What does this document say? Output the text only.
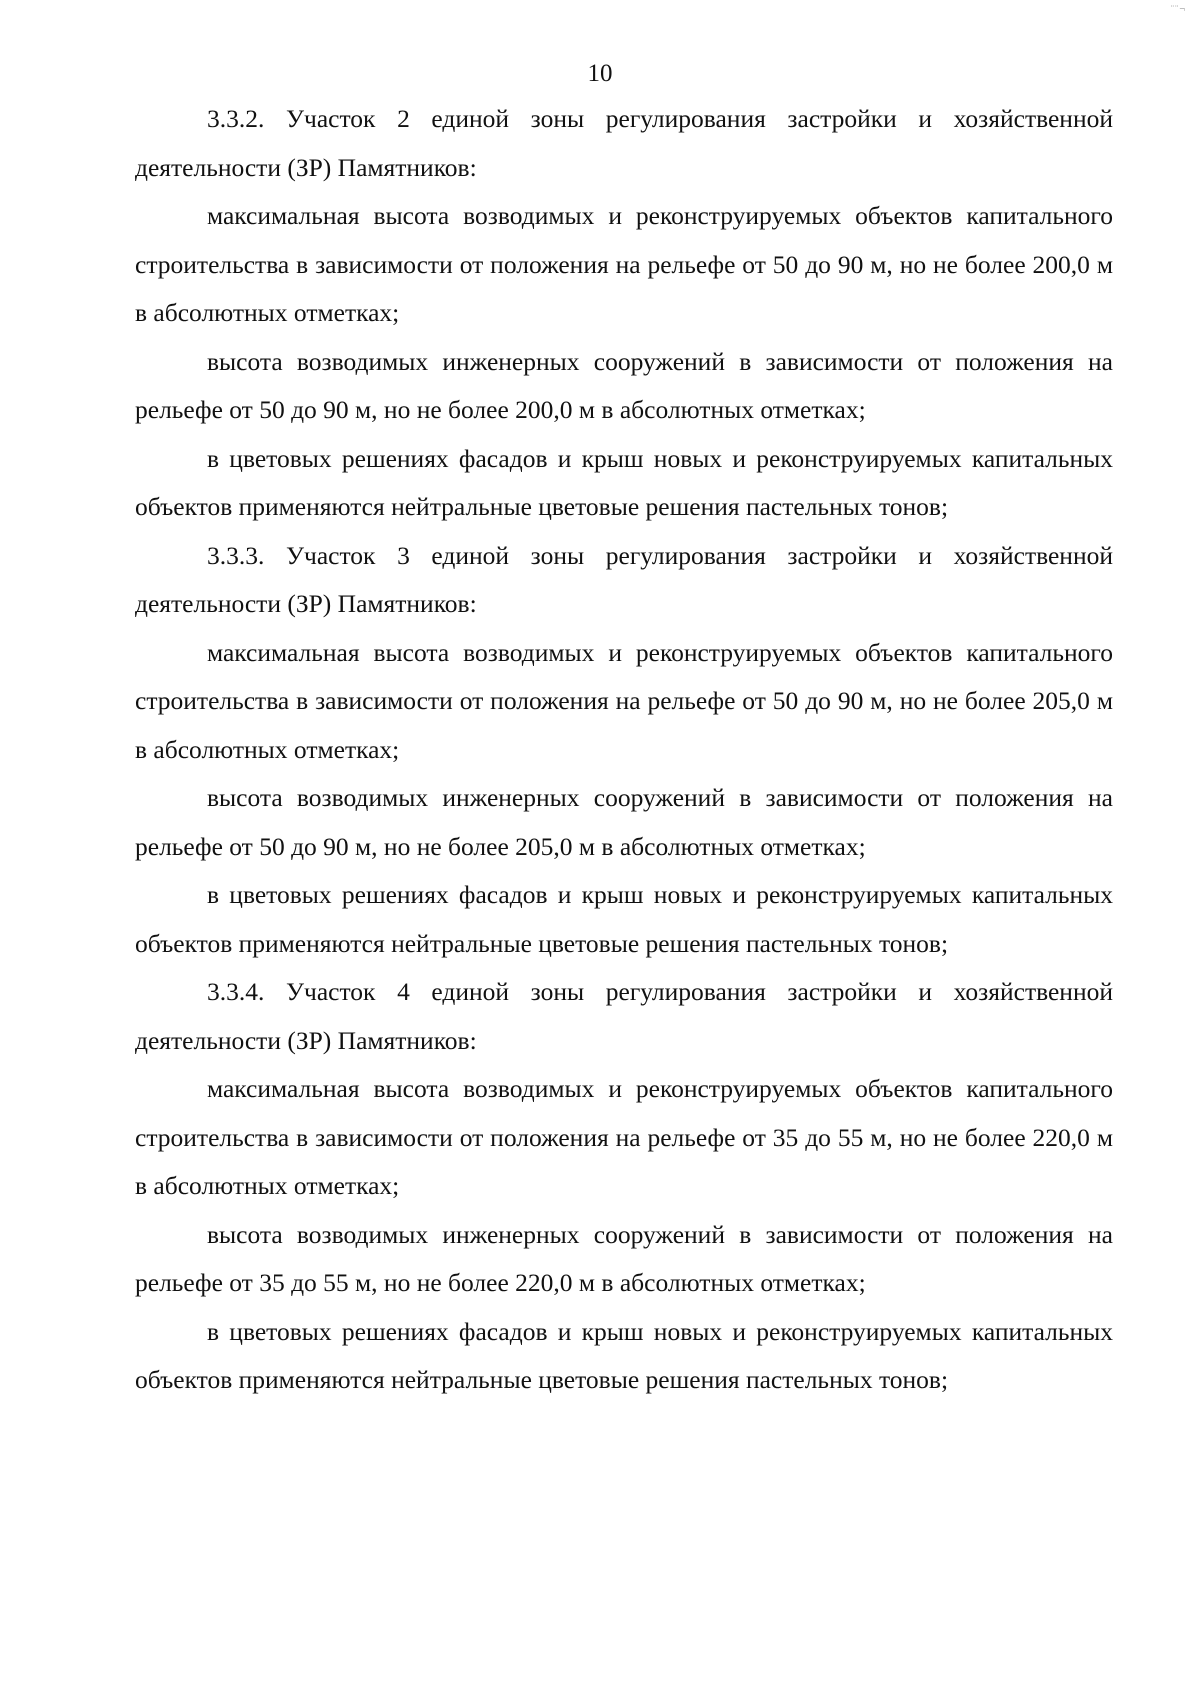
¨¨¬
10

3.3.2. Участок 2 единой зоны регулирования застройки и хозяйственной деятельности (ЗР) Памятников:

максимальная высота возводимых и реконструируемых объектов капитального строительства в зависимости от положения на рельефе от 50 до 90 м, но не более 200,0 м в абсолютных отметках;

высота возводимых инженерных сооружений в зависимости от положения на рельефе от 50 до 90 м, но не более 200,0 м в абсолютных отметках;

в цветовых решениях фасадов и крыш новых и реконструируемых капитальных объектов применяются нейтральные цветовые решения пастельных тонов;

3.3.3. Участок 3 единой зоны регулирования застройки и хозяйственной деятельности (ЗР) Памятников:

максимальная высота возводимых и реконструируемых объектов капитального строительства в зависимости от положения на рельефе от 50 до 90 м, но не более 205,0 м в абсолютных отметках;

высота возводимых инженерных сооружений в зависимости от положения на рельефе от 50 до 90 м, но не более 205,0 м в абсолютных отметках;

в цветовых решениях фасадов и крыш новых и реконструируемых капитальных объектов применяются нейтральные цветовые решения пастельных тонов;

3.3.4. Участок 4 единой зоны регулирования застройки и хозяйственной деятельности (ЗР) Памятников:

максимальная высота возводимых и реконструируемых объектов капитального строительства в зависимости от положения на рельефе от 35 до 55 м, но не более 220,0 м в абсолютных отметках;

высота возводимых инженерных сооружений в зависимости от положения на рельефе от 35 до 55 м, но не более 220,0 м в абсолютных отметках;

в цветовых решениях фасадов и крыш новых и реконструируемых капитальных объектов применяются нейтральные цветовые решения пастельных тонов;
